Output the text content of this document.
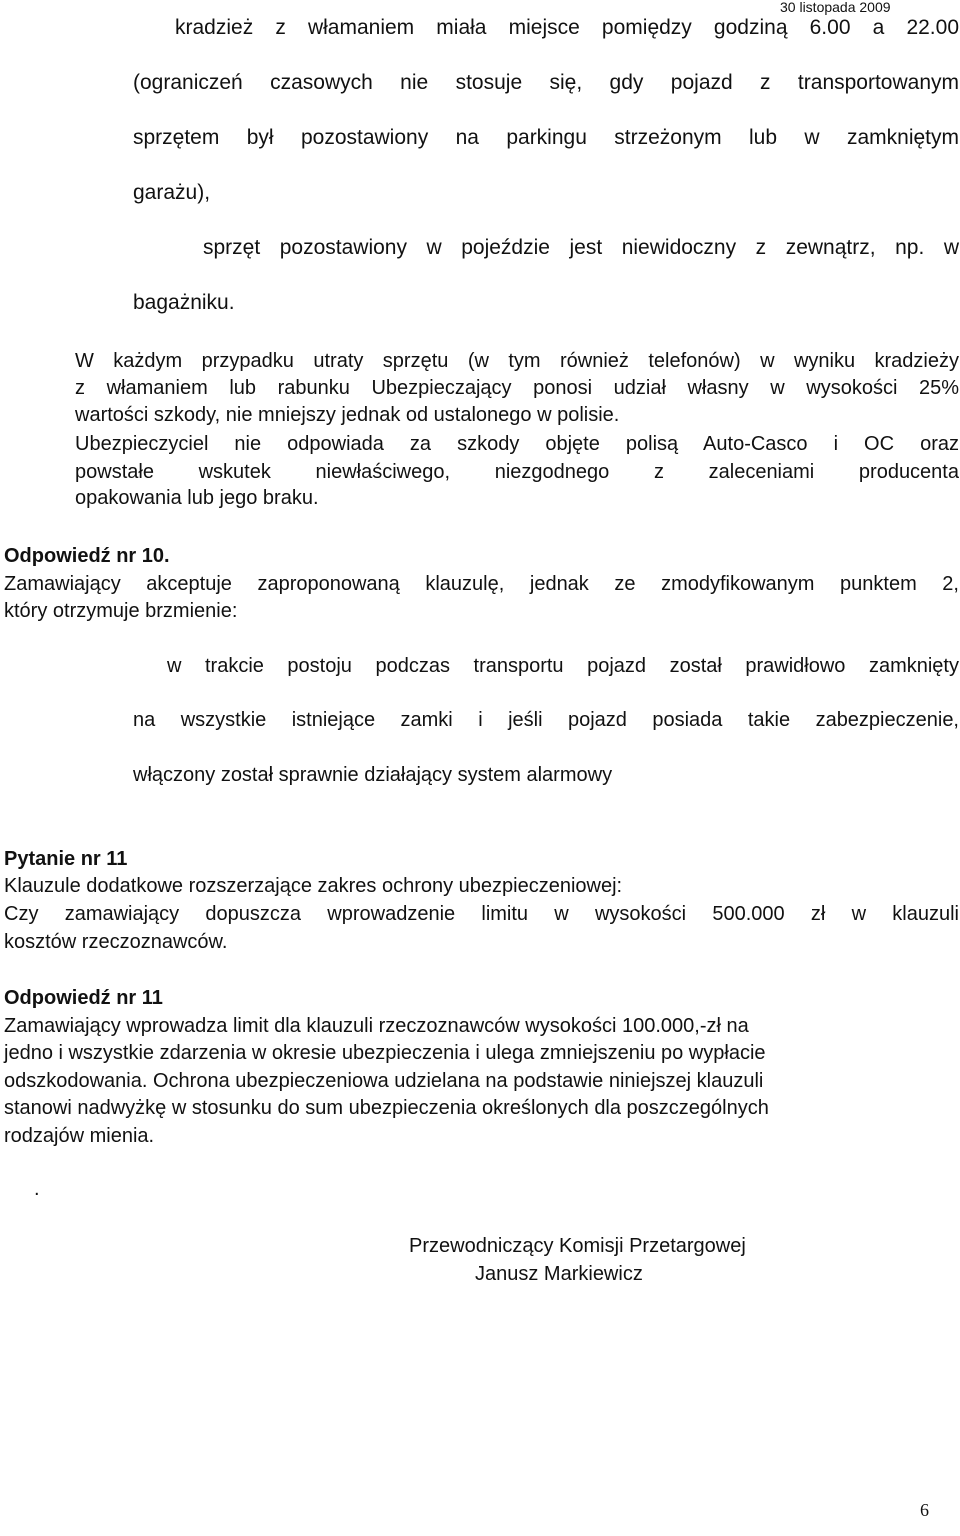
30 listopada 2009
kradzież z włamaniem miała miejsce pomiędzy godziną 6.00 a 22.00
(ograniczeń czasowych nie stosuje się, gdy pojazd z transportowanym
sprzętem był pozostawiony na parkingu strzeżonym lub w zamkniętym
garażu),
sprzęt pozostawiony w pojeździe jest niewidoczny z zewnątrz, np. w
bagażniku.
W każdym przypadku utraty sprzętu (w tym również telefonów) w wyniku kradzieży
z włamaniem lub rabunku Ubezpieczający ponosi udział własny w wysokości 25%
wartości szkody, nie mniejszy jednak od ustalonego w polisie.
Ubezpieczyciel nie odpowiada za szkody objęte polisą Auto-Casco i OC oraz
powstałe wskutek niewłaściwego, niezgodnego z zaleceniami producenta
opakowania lub jego braku.
Odpowiedź nr 10.
Zamawiający akceptuje zaproponowaną klauzulę, jednak ze zmodyfikowanym punktem 2,
który otrzymuje brzmienie:
w trakcie postoju podczas transportu pojazd został prawidłowo zamknięty
na wszystkie istniejące zamki i jeśli pojazd posiada takie zabezpieczenie,
włączony został sprawnie działający system alarmowy
Pytanie nr 11
Klauzule dodatkowe rozszerzające zakres ochrony ubezpieczeniowej:
Czy zamawiający dopuszcza wprowadzenie limitu w wysokości 500.000 zł w klauzuli
kosztów rzeczoznawców.
Odpowiedź nr 11
Zamawiający wprowadza limit dla klauzuli rzeczoznawców wysokości 100.000,-zł na
jedno i wszystkie zdarzenia w okresie ubezpieczenia i ulega zmniejszeniu po wypłacie
odszkodowania. Ochrona ubezpieczeniowa udzielana na podstawie niniejszej klauzuli
stanowi nadwyżkę w stosunku do sum ubezpieczenia określonych dla poszczególnych
rodzajów mienia.
.
Przewodniczący Komisji Przetargowej
Janusz Markiewicz
6
